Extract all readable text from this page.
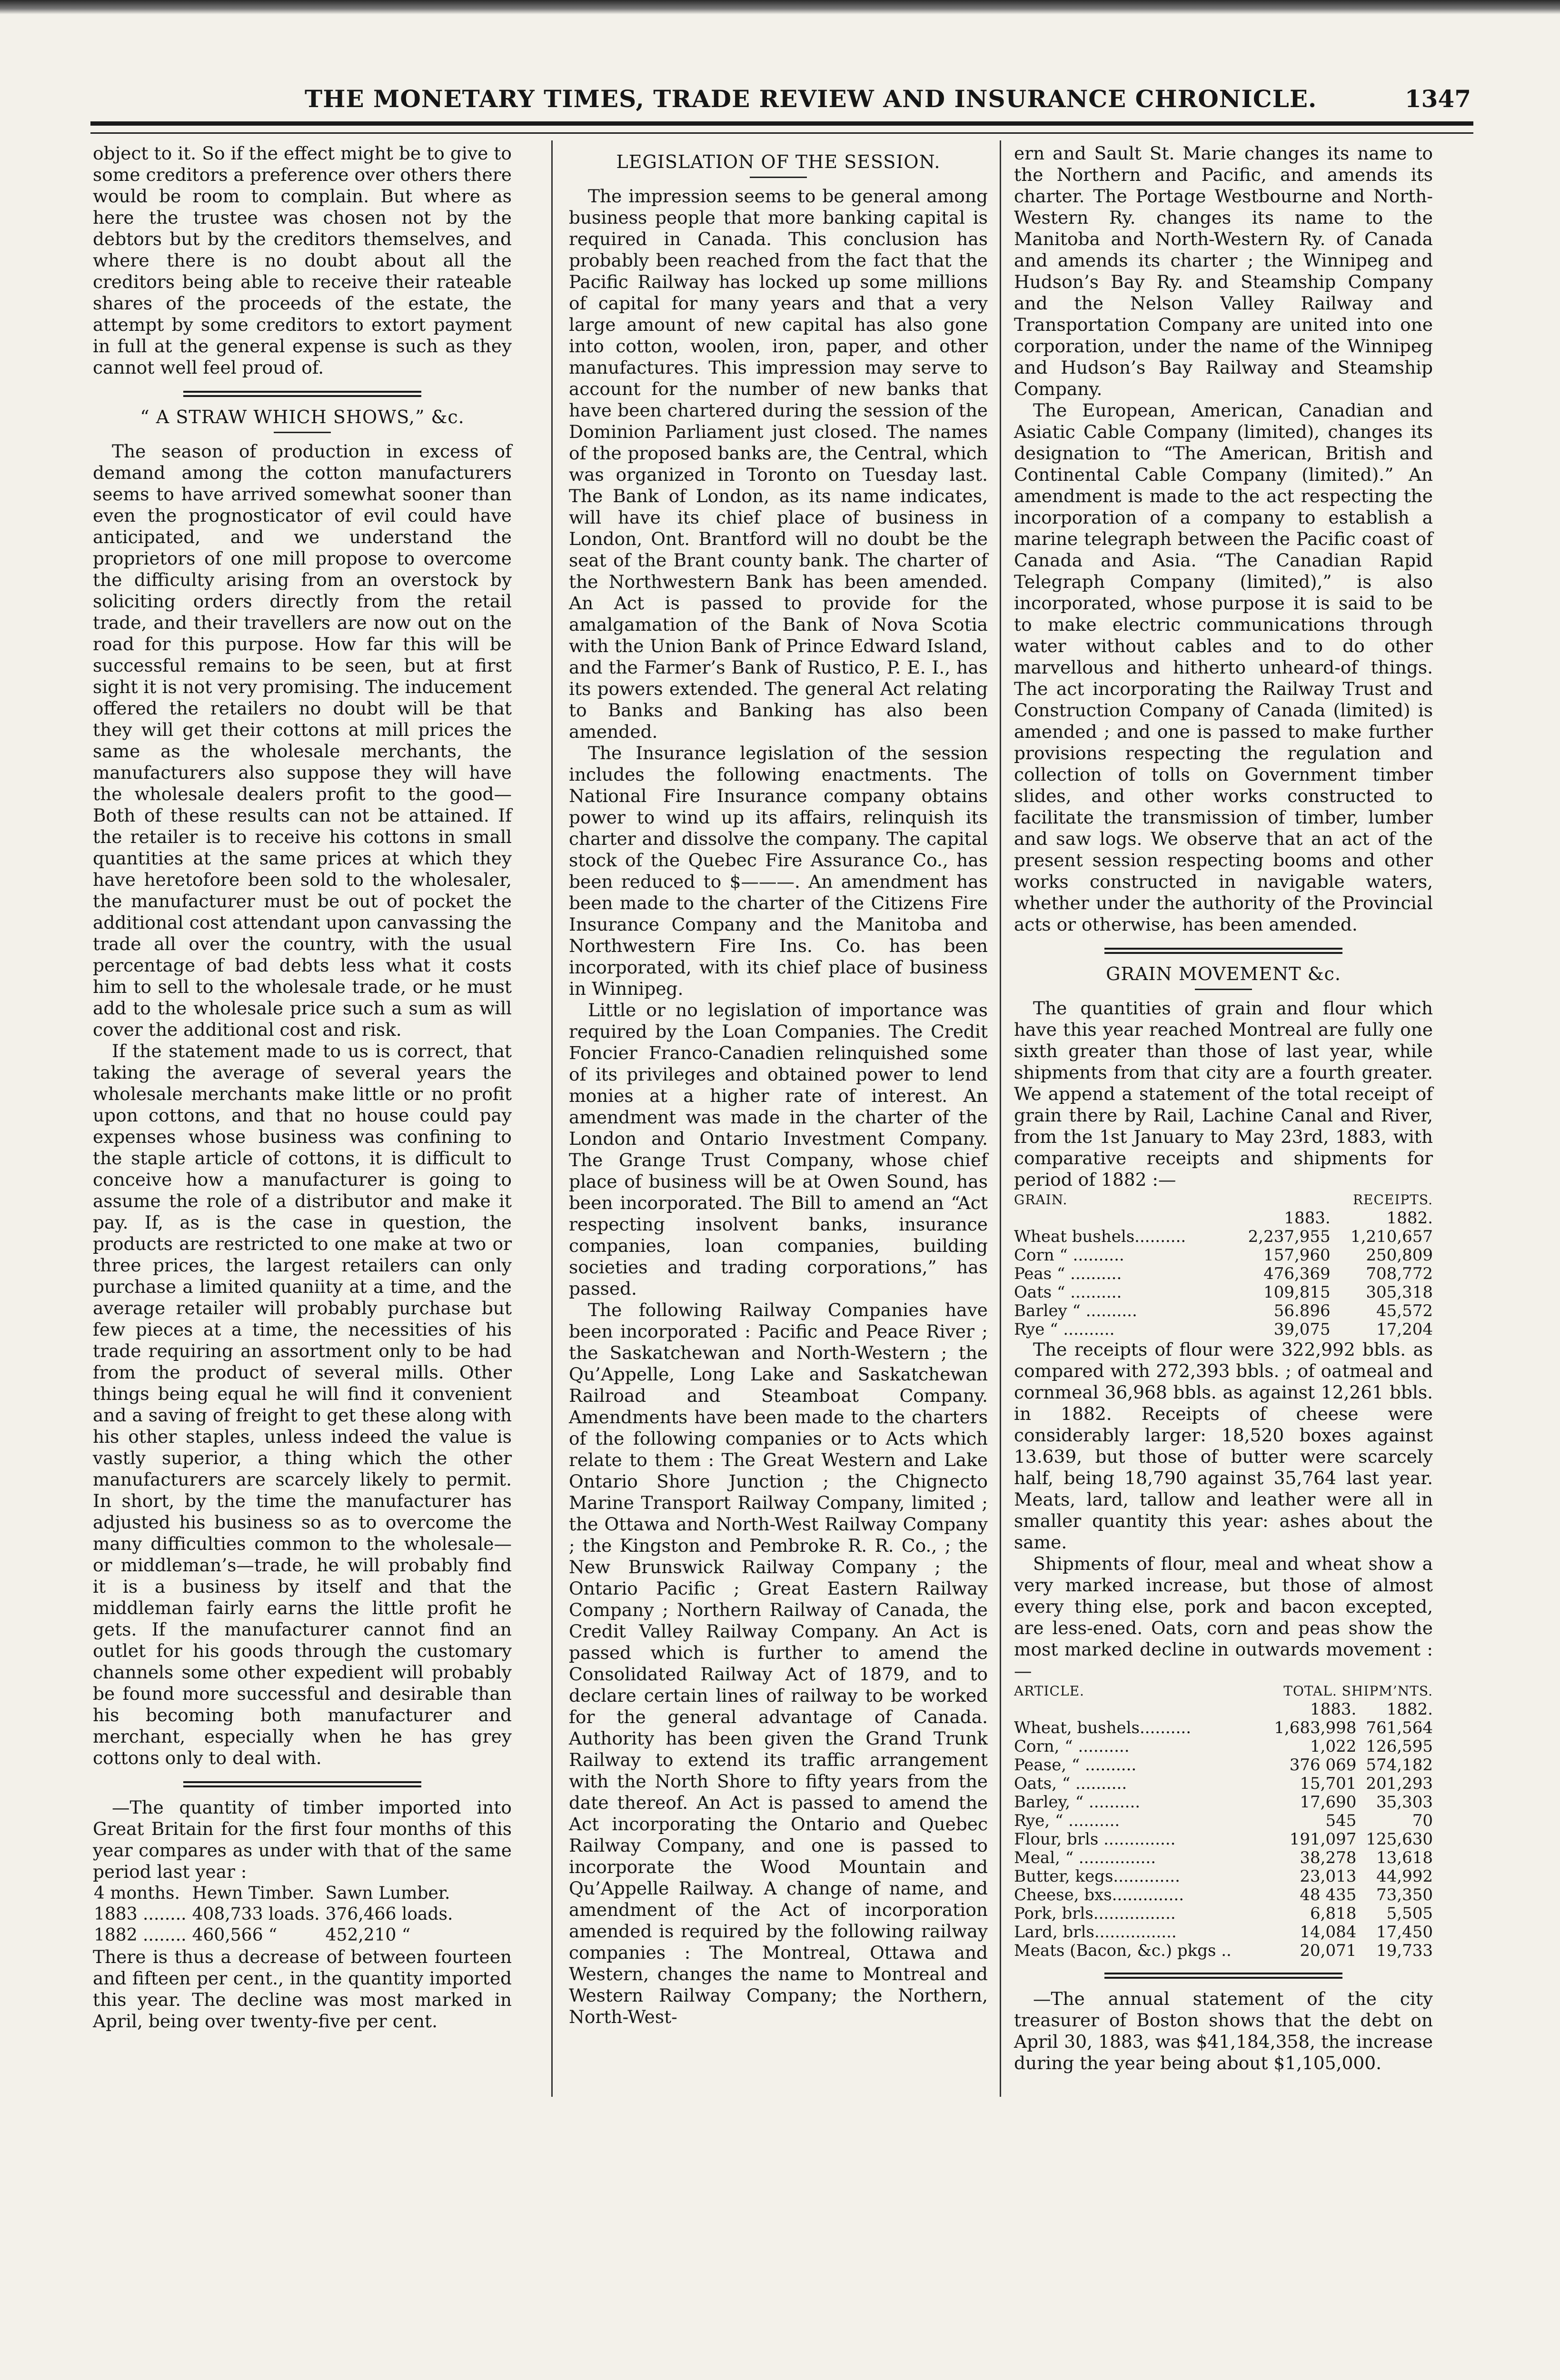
THE MONETARY TIMES, TRADE REVIEW AND INSURANCE CHRONICLE.	1347

object to it. So if the effect might be to give to some creditors a preference over others there would be room to complain. But where as here the trustee was chosen not by the debtors but by the creditors themselves, and where there is no doubt about all the creditors being able to receive their rateable shares of the proceeds of the estate, the attempt by some creditors to extort payment in full at the general expense is such as they cannot well feel proud of.

“ A STRAW WHICH SHOWS,” &c.

The season of production in excess of demand among the cotton manufacturers seems to have arrived somewhat sooner than even the prognosticator of evil could have anticipated, and we understand the proprietors of one mill propose to overcome the difficulty arising from an overstock by soliciting orders directly from the retail trade, and their travellers are now out on the road for this purpose. How far this will be successful remains to be seen, but at first sight it is not very promising. The inducement offered the retailers no doubt will be that they will get their cottons at mill prices the same as the wholesale merchants, the manufacturers also suppose they will have the wholesale dealers profit to the good—Both of these results can not be attained. If the retailer is to receive his cottons in small quantities at the same prices at which they have heretofore been sold to the wholesaler, the manufacturer must be out of pocket the additional cost attendant upon canvassing the trade all over the country, with the usual percentage of bad debts less what it costs him to sell to the wholesale trade, or he must add to the wholesale price such a sum as will cover the additional cost and risk.

If the statement made to us is correct, that taking the average of several years the wholesale merchants make little or no profit upon cottons, and that no house could pay expenses whose business was confining to the staple article of cottons, it is difficult to conceive how a manufacturer is going to assume the role of a distributor and make it pay. If, as is the case in question, the products are restricted to one make at two or three prices, the largest retailers can only purchase a limited quaniity at a time, and the average retailer will probably purchase but few pieces at a time, the necessities of his trade requiring an assortment only to be had from the product of several mills. Other things being equal he will find it convenient and a saving of freight to get these along with his other staples, unless indeed the value is vastly superior, a thing which the other manufacturers are scarcely likely to permit. In short, by the time the manufacturer has adjusted his business so as to overcome the many difficulties common to the wholesale—or middleman’s—trade, he will probably find it is a business by itself and that the middleman fairly earns the little profit he gets. If the manufacturer cannot find an outlet for his goods through the customary channels some other expedient will probably be found more successful and desirable than his becoming both manufacturer and merchant, especially when he has grey cottons only to deal with.

—The quantity of timber imported into Great Britain for the first four months of this year compares as under with that of the same period last year :

4 months.	Hewn Timber.	Sawn Lumber.
1883 ........	408,733 loads.	376,466 loads.
1882 ........	460,566 “	452,210 “

There is thus a decrease of between fourteen and fifteen per cent., in the quantity imported this year. The decline was most marked in April, being over twenty-five per cent.

LEGISLATION OF THE SESSION.

The impression seems to be general among business people that more banking capital is required in Canada. This conclusion has probably been reached from the fact that the Pacific Railway has locked up some millions of capital for many years and that a very large amount of new capital has also gone into cotton, woolen, iron, paper, and other manufactures. This impression may serve to account for the number of new banks that have been chartered during the session of the Dominion Parliament just closed. The names of the proposed banks are, the Central, which was organized in Toronto on Tuesday last. The Bank of London, as its name indicates, will have its chief place of business in London, Ont. Brantford will no doubt be the seat of the Brant county bank. The charter of the Northwestern Bank has been amended. An Act is passed to provide for the amalgamation of the Bank of Nova Scotia with the Union Bank of Prince Edward Island, and the Farmer’s Bank of Rustico, P. E. I., has its powers extended. The general Act relating to Banks and Banking has also been amended.

The Insurance legislation of the session includes the following enactments. The National Fire Insurance company obtains power to wind up its affairs, relinquish its charter and dissolve the company. The capital stock of the Quebec Fire Assurance Co., has been reduced to $———. An amendment has been made to the charter of the Citizens Fire Insurance Company and the Manitoba and Northwestern Fire Ins. Co. has been incorporated, with its chief place of business in Winnipeg.

Little or no legislation of importance was required by the Loan Companies. The Credit Foncier Franco-Canadien relinquished some of its privileges and obtained power to lend monies at a higher rate of interest. An amendment was made in the charter of the London and Ontario Investment Company. The Grange Trust Company, whose chief place of business will be at Owen Sound, has been incorporated. The Bill to amend an “Act respecting insolvent banks, insurance companies, loan companies, building societies and trading corporations,” has passed.

The following Railway Companies have been incorporated : Pacific and Peace River ; the Saskatchewan and North-Western ; the Qu’Appelle, Long Lake and Saskatchewan Railroad and Steamboat Company. Amendments have been made to the charters of the following companies or to Acts which relate to them : The Great Western and Lake Ontario Shore Junction ; the Chignecto Marine Transport Railway Company, limited ; the Ottawa and North-West Railway Company ; the Kingston and Pembroke R. R. Co., ; the New Brunswick Railway Company ; the Ontario Pacific ; Great Eastern Railway Company ; Northern Railway of Canada, the Credit Valley Railway Company. An Act is passed which is further to amend the Consolidated Railway Act of 1879, and to declare certain lines of railway to be worked for the general advantage of Canada. Authority has been given the Grand Trunk Railway to extend its traffic arrangement with the North Shore to fifty years from the date thereof. An Act is passed to amend the Act incorporating the Ontario and Quebec Railway Company, and one is passed to incorporate the Wood Mountain and Qu’Appelle Railway. A change of name, and amendment of the Act of incorporation amended is required by the following railway companies : The Montreal, Ottawa and Western, changes the name to Montreal and Western Railway Company; the Northern, North-West-

ern and Sault St. Marie changes its name to the Northern and Pacific, and amends its charter. The Portage Westbourne and North-Western Ry. changes its name to the Manitoba and North-Western Ry. of Canada and amends its charter ; the Winnipeg and Hudson’s Bay Ry. and Steamship Company and the Nelson Valley Railway and Transportation Company are united into one corporation, under the name of the Winnipeg and Hudson’s Bay Railway and Steamship Company.

The European, American, Canadian and Asiatic Cable Company (limited), changes its designation to “The American, British and Continental Cable Company (limited).” An amendment is made to the act respecting the incorporation of a company to establish a marine telegraph between the Pacific coast of Canada and Asia. “The Canadian Rapid Telegraph Company (limited),” is also incorporated, whose purpose it is said to be to make electric communications through water without cables and to do other marvellous and hitherto unheard-of things. The act incorporating the Railway Trust and Construction Company of Canada (limited) is amended ; and one is passed to make further provisions respecting the regulation and collection of tolls on Government timber slides, and other works constructed to facilitate the transmission of timber, lumber and saw logs. We observe that an act of the present session respecting booms and other works constructed in navigable waters, whether under the authority of the Provincial acts or otherwise, has been amended.

GRAIN MOVEMENT &c.

The quantities of grain and flour which have this year reached Montreal are fully one sixth greater than those of last year, while shipments from that city are a fourth greater. We append a statement of the total receipt of grain there by Rail, Lachine Canal and River, from the 1st January to May 23rd, 1883, with comparative receipts and shipments for period of 1882 :—

GRAIN.	RECEIPTS.	
	1883.	1882.
Wheat bushels..........	2,237,955	1,210,657
Corn “ ..........	157,960	250,809
Peas “ ..........	476,369	708,772
Oats “ ..........	109,815	305,318
Barley “ ..........	56.896	45,572
Rye “ ..........	39,075	17,204

The receipts of flour were 322,992 bbls. as compared with 272,393 bbls. ; of oatmeal and cornmeal 36,968 bbls. as against 12,261 bbls. in 1882. Receipts of cheese were considerably larger: 18,520 boxes against 13.639, but those of butter were scarcely half, being 18,790 against 35,764 last year. Meats, lard, tallow and leather were all in smaller quantity this year: ashes about the same.

Shipments of flour, meal and wheat show a very marked increase, but those of almost every thing else, pork and bacon excepted, are less-ened. Oats, corn and peas show the most marked decline in outwards movement :—

ARTICLE.	TOTAL. SHIPM’NTS.	
	1883.	1882.
Wheat, bushels..........	1,683,998	761,564
Corn, “ ..........	1,022	126,595
Pease, “ ..........	376 069	574,182
Oats, “ ..........	15,701	201,293
Barley, “ ..........	17,690	35,303
Rye, “ ..........	545	70
Flour, brls ..............	191,097	125,630
Meal, “ ...............	38,278	13,618
Butter, kegs.............	23,013	44,992
Cheese, bxs..............	48 435	73,350
Pork, brls................	6,818	5,505
Lard, brls................	14,084	17,450
Meats (Bacon, &c.) pkgs ..	20,071	19,733

—The annual statement of the city treasurer of Boston shows that the debt on April 30, 1883, was $41,184,358, the increase during the year being about $1,105,000.
